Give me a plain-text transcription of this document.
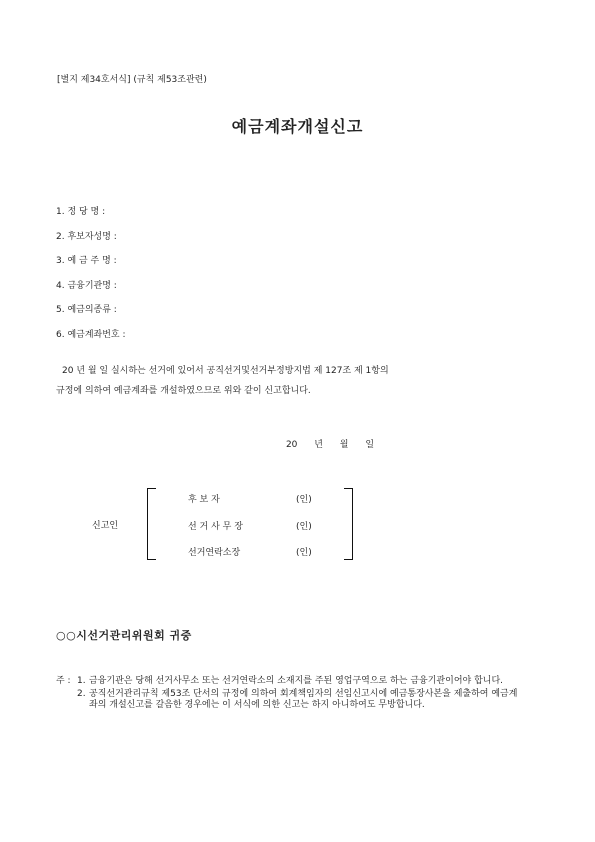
[별지 제34호서식] (규칙 제53조관련)
예금계좌개설신고
1. 정 당 명 :
2. 후보자성명 :
3. 예 금 주 명 :
4. 금융기관명 :
5. 예금의종류 :
6. 예금계좌번호 :
20 년 월 일 실시하는 선거에 있어서 공직선거및선거부정방지법 제 127조 제 1항의
규정에 의하여 예금계좌를 개설하였으므로 위와 같이 신고합니다.
20 년 월 일
신고인
후 보 자	(인)
선 거 사 무 장	(인)
선거연락소장	(인)
○○시선거관리위원회 귀중
주 : 1. 금융기관은 당해 선거사무소 또는 선거연락소의 소재지를 주된 영업구역으로 하는 금융기관이어야 합니다.
2. 공직선거관리규칙 제53조 단서의 규정에 의하여 회계책임자의 선임신고시에 예금통장사본을 제출하여 예금계좌의 개설신고를 갈음한 경우에는 이 서식에 의한 신고는 하지 아니하여도 무방합니다.
